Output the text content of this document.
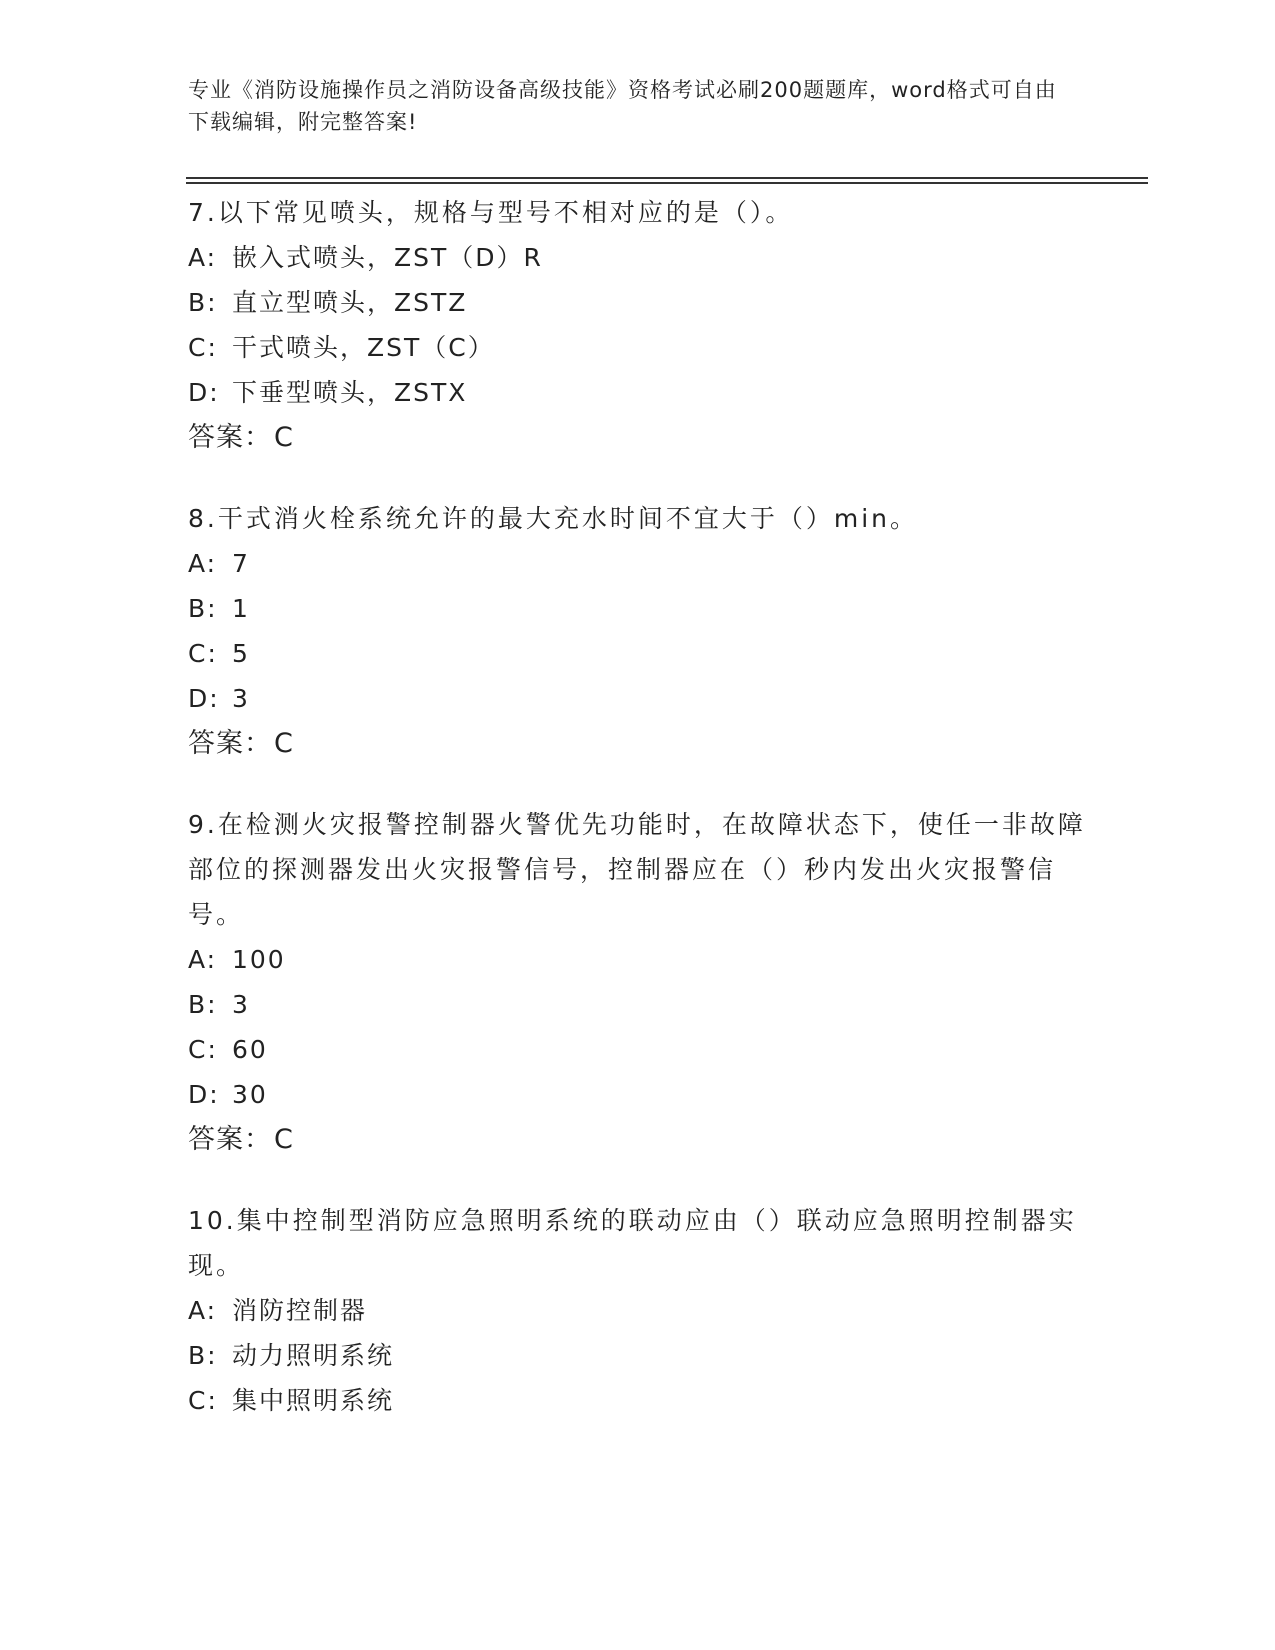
专业《消防设施操作员之消防设备高级技能》资格考试必刷200题题库，word格式可自由下载编辑，附完整答案!

7.以下常见喷头，规格与型号不相对应的是（）。

A: 嵌入式喷头，ZST（D）R
B: 直立型喷头，ZSTZ
C: 干式喷头，ZST（C）
D: 下垂型喷头，ZSTX
答案：C

8.干式消火栓系统允许的最大充水时间不宜大于（）min。

A: 7
B: 1
C: 5
D: 3
答案：C

9.在检测火灾报警控制器火警优先功能时，在故障状态下，使任一非故障部位的探测器发出火灾报警信号，控制器应在（）秒内发出火灾报警信号。

A: 100
B: 3
C: 60
D: 30
答案：C

10.集中控制型消防应急照明系统的联动应由（）联动应急照明控制器实现。

A: 消防控制器
B: 动力照明系统
C: 集中照明系统
